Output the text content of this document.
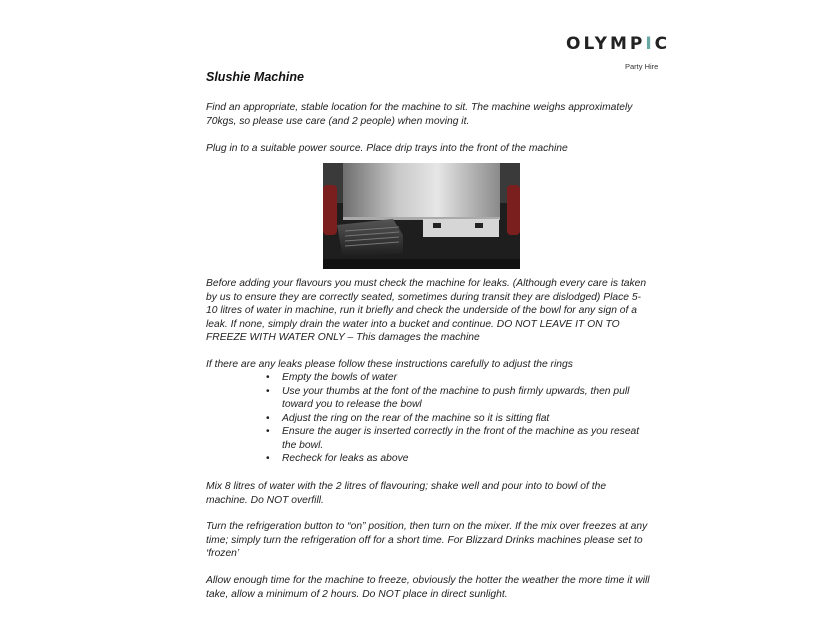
OLYMPIC
Party Hire
Slushie Machine

Find an appropriate, stable location for the machine to sit. The machine weighs approximately 70kgs, so please use care (and 2 people) when moving it.

Plug in to a suitable power source. Place drip trays into the front of the machine

Before adding your flavours you must check the machine for leaks. (Although every care is taken by us to ensure they are correctly seated, sometimes during transit they are dislodged) Place 5-10 litres of water in machine, run it briefly and check the underside of the bowl for any sign of a leak. If none, simply drain the water into a bucket and continue. DO NOT LEAVE IT ON TO FREEZE WITH WATER ONLY – This damages the machine

If there are any leaks please follow these instructions carefully to adjust the rings

• Empty the bowls of water
• Use your thumbs at the font of the machine to push firmly upwards, then pull toward you to release the bowl
• Adjust the ring on the rear of the machine so it is sitting flat
• Ensure the auger is inserted correctly in the front of the machine as you reseat the bowl.
• Recheck for leaks as above

Mix 8 litres of water with the 2 litres of flavouring; shake well and pour into to bowl of the machine. Do NOT overfill.

Turn the refrigeration button to “on” position, then turn on the mixer. If the mix over freezes at any time; simply turn the refrigeration off for a short time. For Blizzard Drinks machines please set to ‘frozen’

Allow enough time for the machine to freeze, obviously the hotter the weather the more time it will take, allow a minimum of 2 hours. Do NOT place in direct sunlight.
